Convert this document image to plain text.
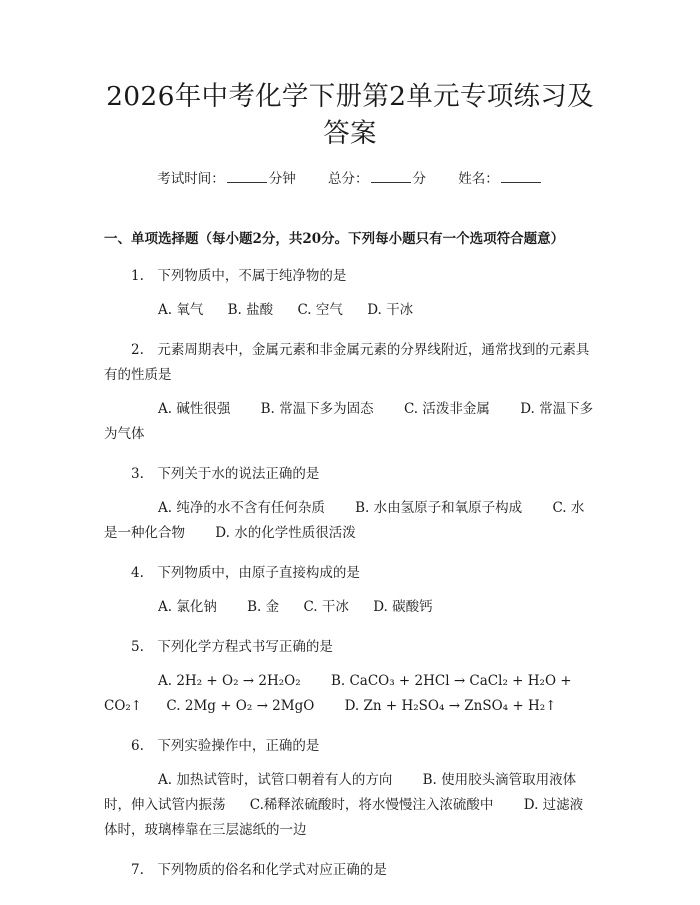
2026年中考化学下册第2单元专项练习及答案
考试时间：	分钟 总分：	分 姓名：
一、单项选择题（每小题2分，共20分。下列每小题只有一个选项符合题意）
1.　下列物质中，不属于纯净物的是
A. 氧气 B. 盐酸 C. 空气 D. 干冰
2.　元素周期表中，金属元素和非金属元素的分界线附近，通常找到的元素具有的性质是
A. 碱性很强 B. 常温下多为固态 C. 活泼非金属 D. 常温下多为气体
3.　下列关于水的说法正确的是
A. 纯净的水不含有任何杂质 B. 水由氢原子和氧原子构成 C. 水是一种化合物 D. 水的化学性质很活泼
4.　下列物质中，由原子直接构成的是
A. 氯化钠 B. 金 C. 干冰 D. 碳酸钙
5.　下列化学方程式书写正确的是
A. 2H₂ + O₂ → 2H₂O₂ B. CaCO₃ + 2HCl → CaCl₂ + H₂O + CO₂↑ C. 2Mg + O₂ → 2MgO D. Zn + H₂SO₄ → ZnSO₄ + H₂↑
6.　下列实验操作中，正确的是
A. 加热试管时，试管口朝着有人的方向 B. 使用胶头滴管取用液体时，伸入试管内振荡 C.稀释浓硫酸时，将水慢慢注入浓硫酸中 D. 过滤液体时，玻璃棒靠在三层滤纸的一边
7.　下列物质的俗名和化学式对应正确的是
